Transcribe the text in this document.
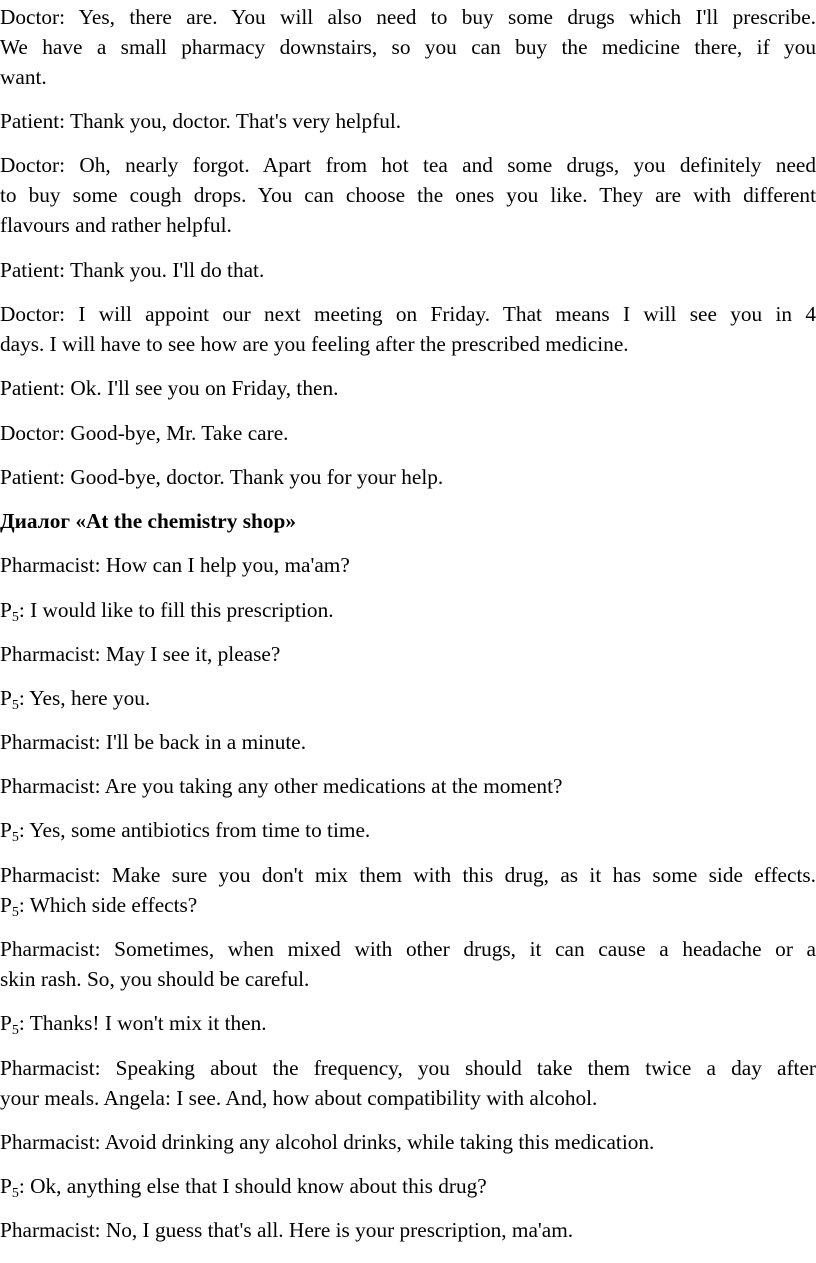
Doctor: Yes, there are. You will also need to buy some drugs which I'll prescribe.

We have a small pharmacy downstairs, so you can buy the medicine there, if you

want.

Patient: Thank you, doctor. That's very helpful.

Doctor: Oh, nearly forgot. Apart from hot tea and some drugs, you definitely need

to buy some cough drops. You can choose the ones you like. They are with different

flavours and rather helpful.

Patient: Thank you. I'll do that.

Doctor: I will appoint our next meeting on Friday. That means I will see you in 4

days. I will have to see how are you feeling after the prescribed medicine.

Patient: Ok. I'll see you on Friday, then.

Doctor: Good-bye, Mr. Take care.

Patient: Good-bye, doctor. Thank you for your help.

Диалог «At the chemistry shop»

Pharmacist: How can I help you, ma'am?

$P_5$: I would like to fill this prescription.

Pharmacist: May I see it, please?

$P_5$: Yes, here you.

Pharmacist: I'll be back in a minute.

Pharmacist: Are you taking any other medications at the moment?

$P_5$: Yes, some antibiotics from time to time.

Pharmacist: Make sure you don't mix them with this drug, as it has some side effects.

$P_5$: Which side effects?

Pharmacist: Sometimes, when mixed with other drugs, it can cause a headache or a

skin rash. So, you should be careful.

$P_5$: Thanks! I won't mix it then.

Pharmacist: Speaking about the frequency, you should take them twice a day after

your meals. Angela: I see. And, how about compatibility with alcohol.

Pharmacist: Avoid drinking any alcohol drinks, while taking this medication.

$P_5$: Ok, anything else that I should know about this drug?

Pharmacist: No, I guess that's all. Here is your prescription, ma'am.
